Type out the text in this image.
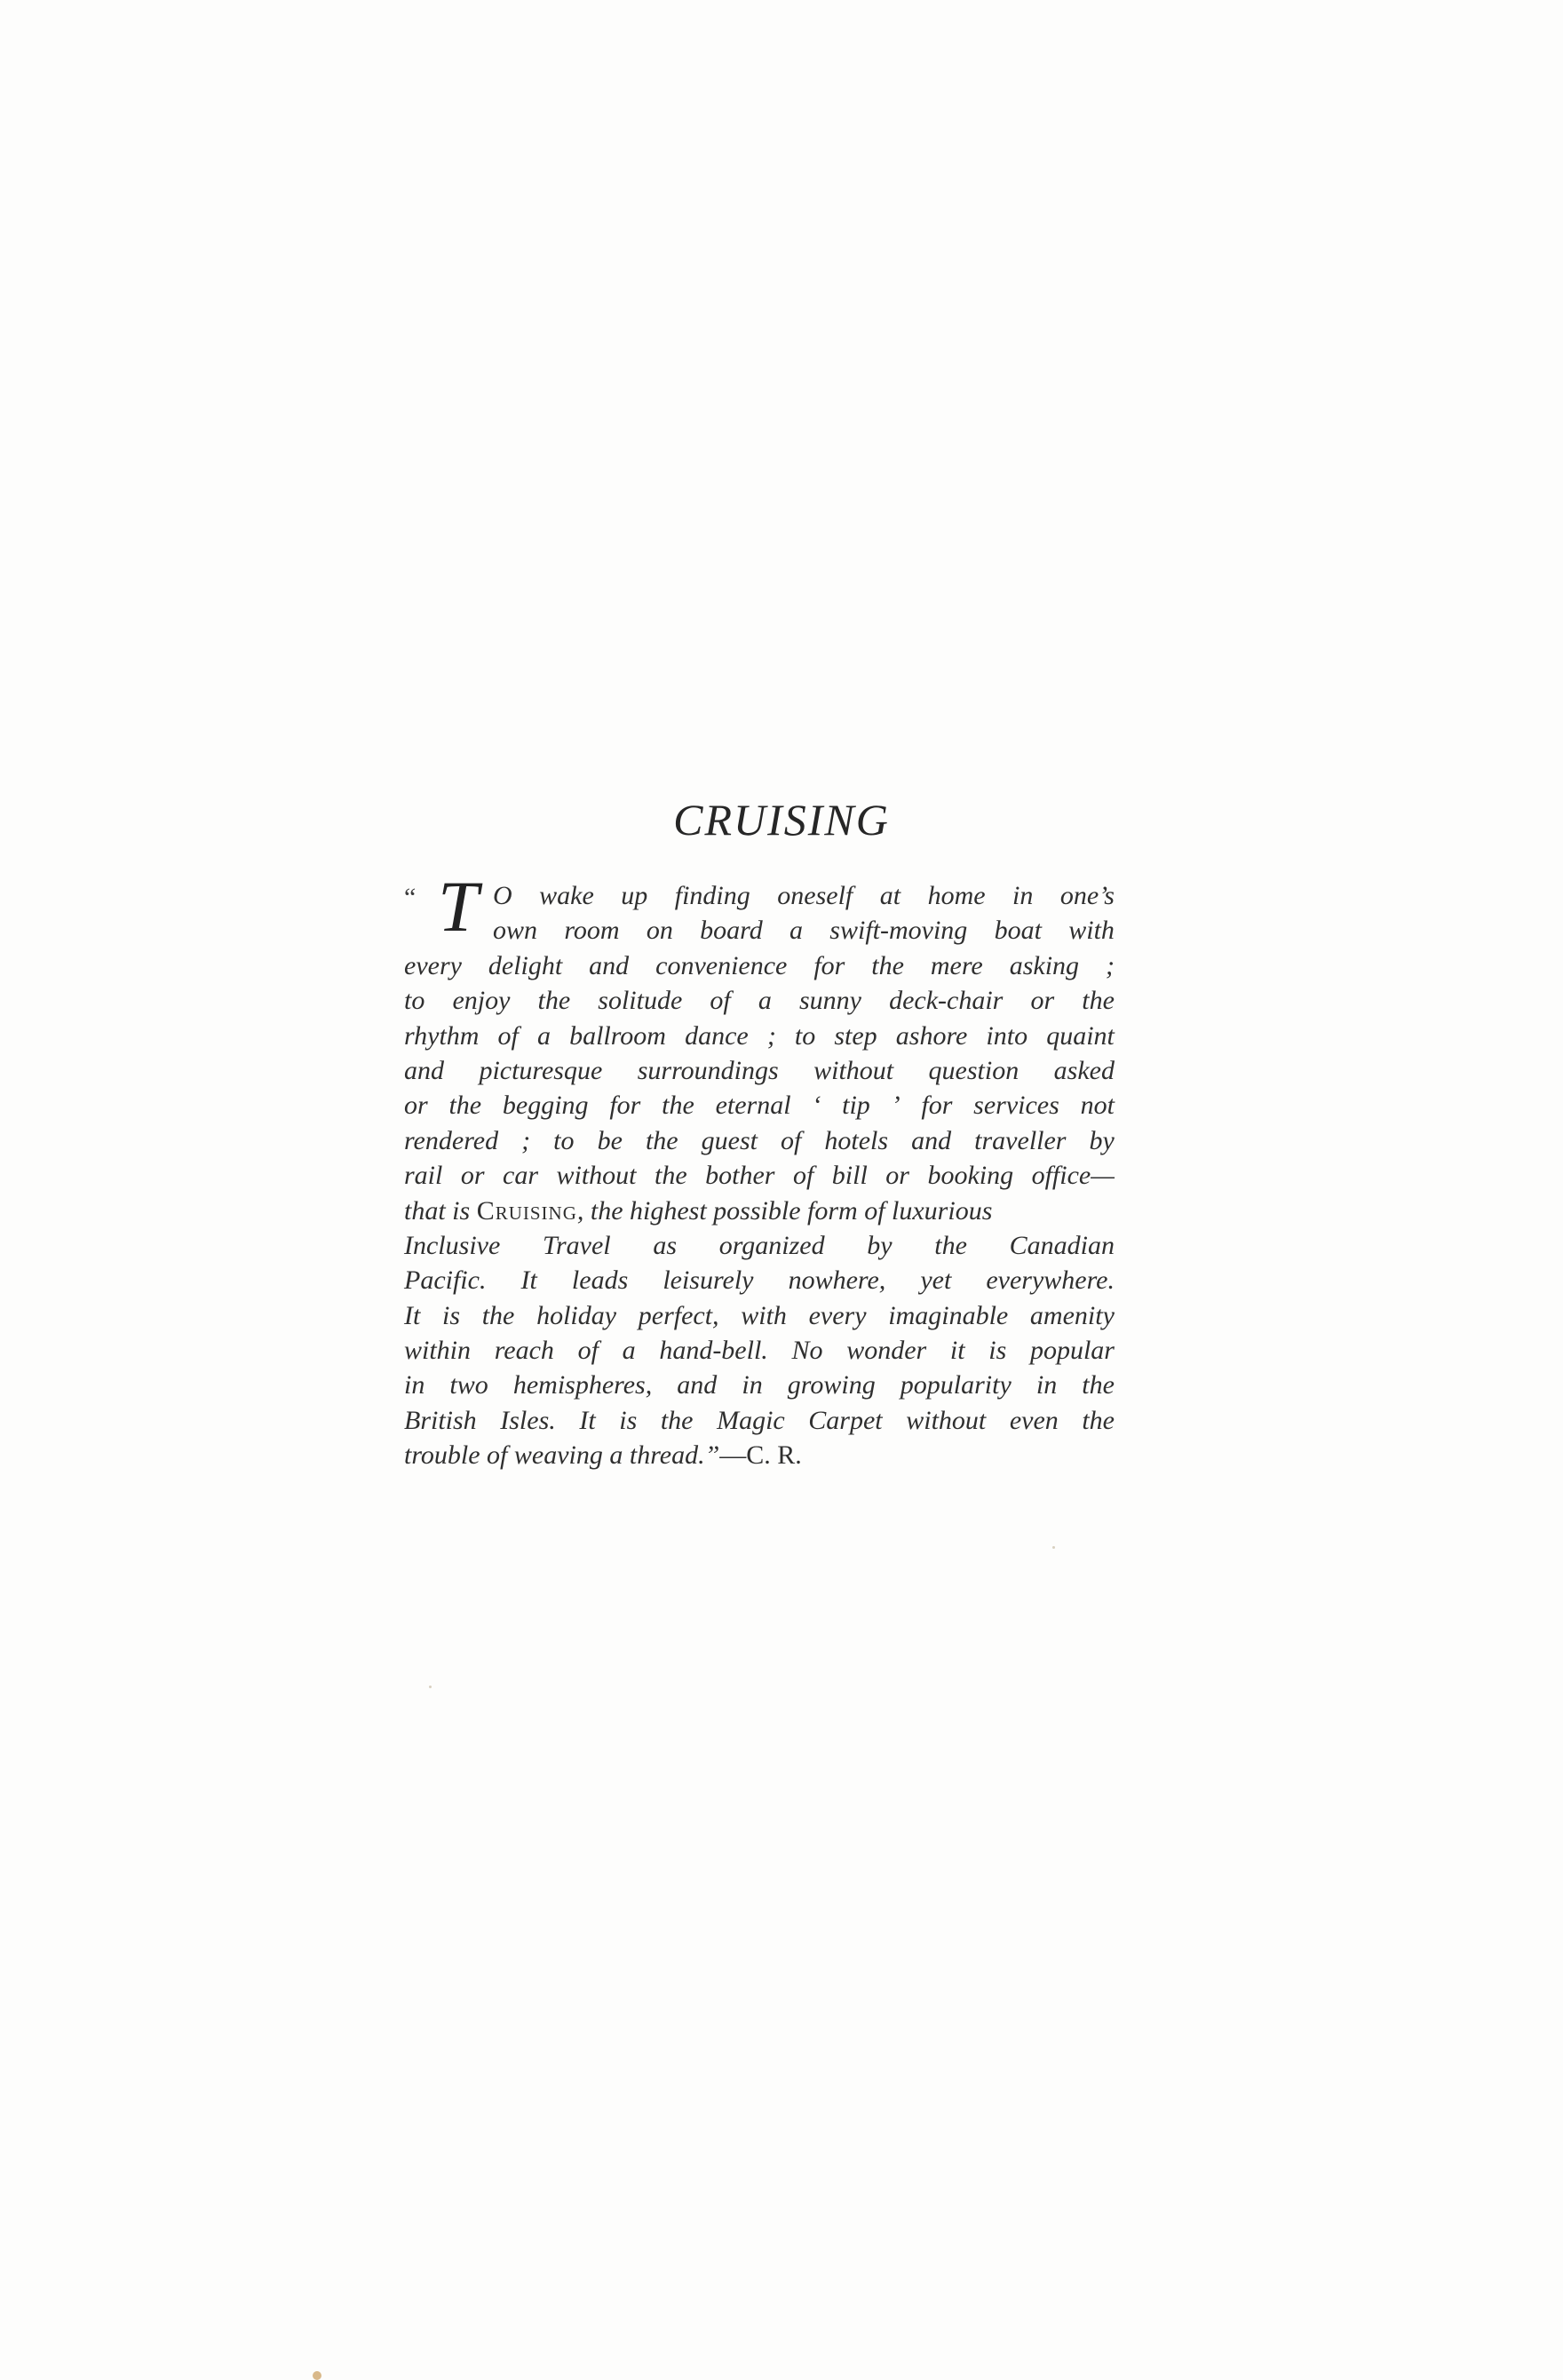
CRUISING
“ T O wake up finding oneself at home in one’s
own room on board a swift-moving boat with
every delight and convenience for the mere asking ;
to enjoy the solitude of a sunny deck-chair or the
rhythm of a ballroom dance ; to step ashore into quaint
and picturesque surroundings without question asked
or the begging for the eternal ‘ tip ’ for services not
rendered ; to be the guest of hotels and traveller by
rail or car without the bother of bill or booking office—
that is Cruising, the highest possible form of luxurious
Inclusive Travel as organized by the Canadian
Pacific. It leads leisurely nowhere, yet everywhere.
It is the holiday perfect, with every imaginable amenity
within reach of a hand-bell. No wonder it is popular
in two hemispheres, and in growing popularity in the
British Isles. It is the Magic Carpet without even the
trouble of weaving a thread.” —C. R.
